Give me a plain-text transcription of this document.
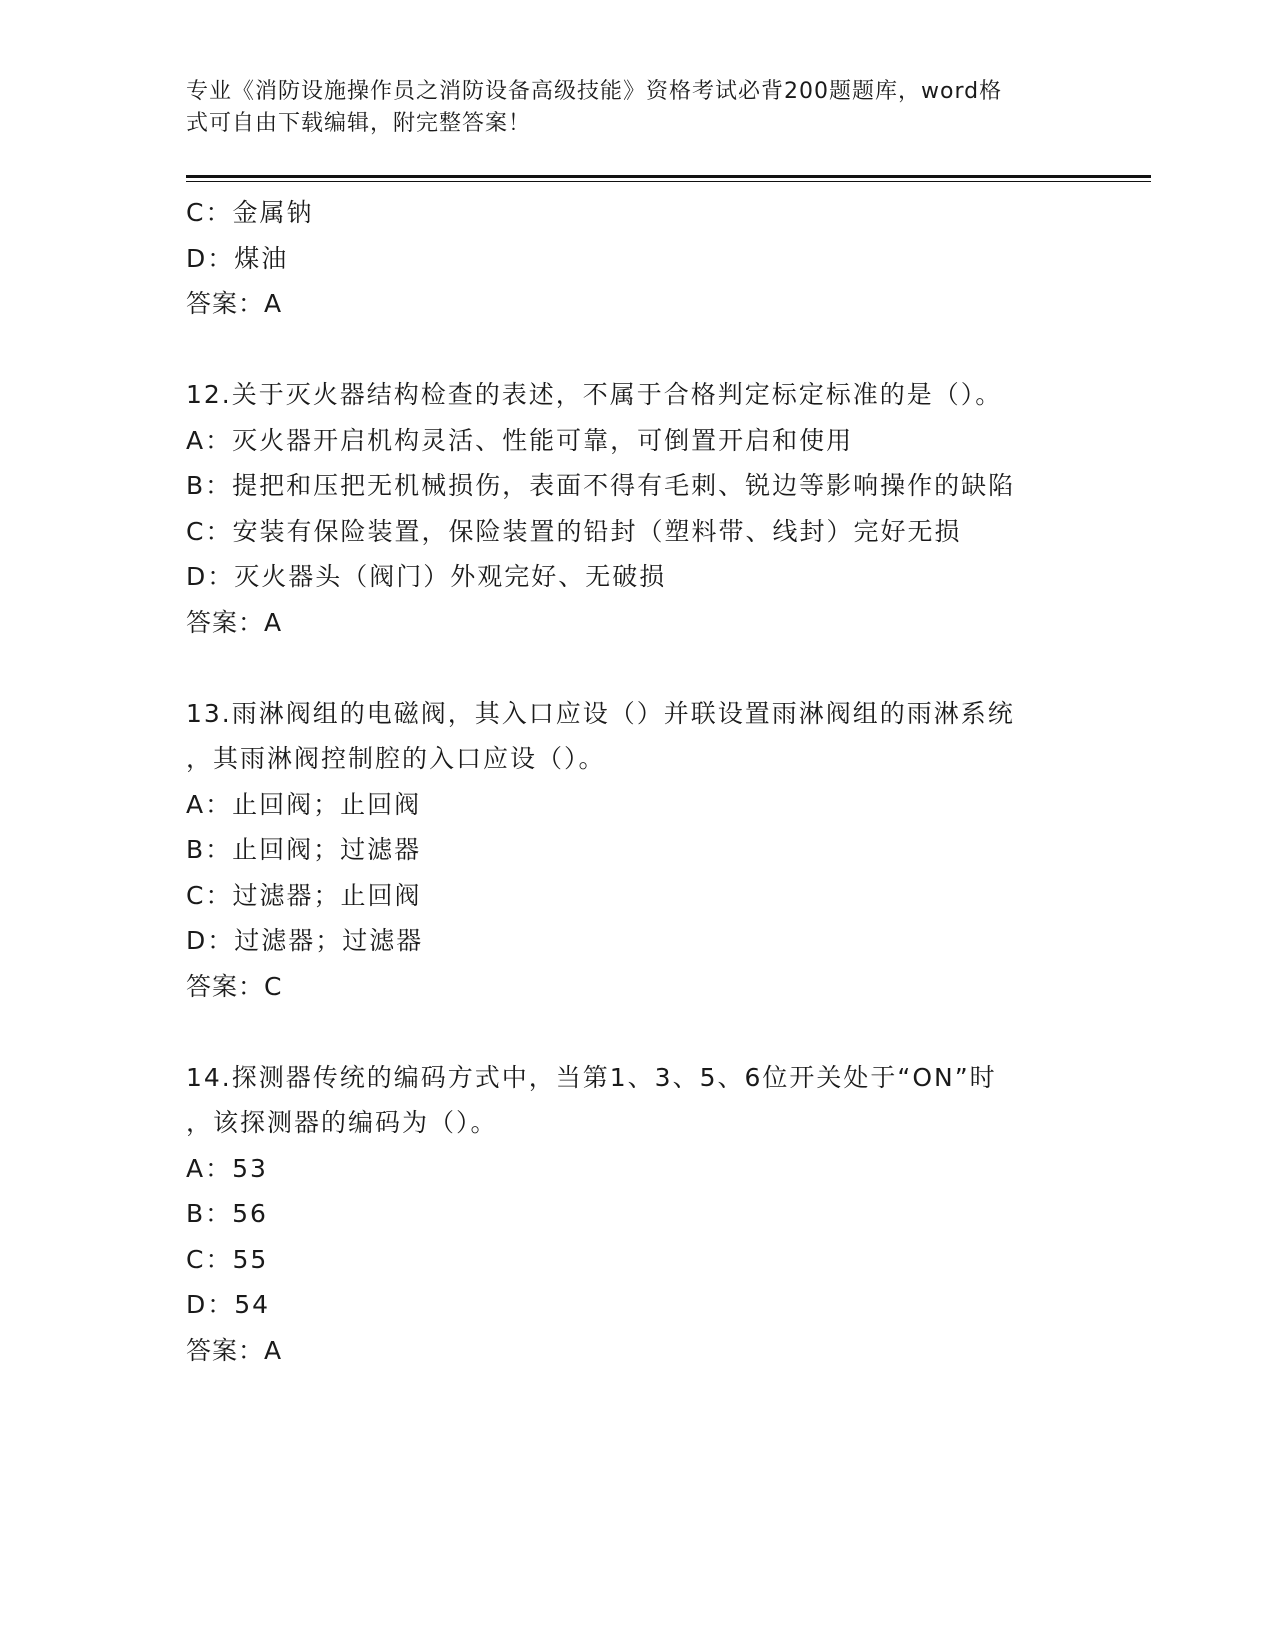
专业《消防设施操作员之消防设备高级技能》资格考试必背200题题库，word格
式可自由下载编辑，附完整答案！
C：金属钠
D：煤油
答案：A
12.关于灭火器结构检查的表述，不属于合格判定标定标准的是（）。
A：灭火器开启机构灵活、性能可靠，可倒置开启和使用
B：提把和压把无机械损伤，表面不得有毛刺、锐边等影响操作的缺陷
C：安装有保险装置，保险装置的铅封（塑料带、线封）完好无损
D：灭火器头（阀门）外观完好、无破损
答案：A
13.雨淋阀组的电磁阀，其入口应设（）并联设置雨淋阀组的雨淋系统
，其雨淋阀控制腔的入口应设（）。
A：止回阀；止回阀
B：止回阀；过滤器
C：过滤器；止回阀
D：过滤器；过滤器
答案：C
14.探测器传统的编码方式中，当第1、3、5、6位开关处于“ON”时
，该探测器的编码为（）。
A：53
B：56
C：55
D：54
答案：A
